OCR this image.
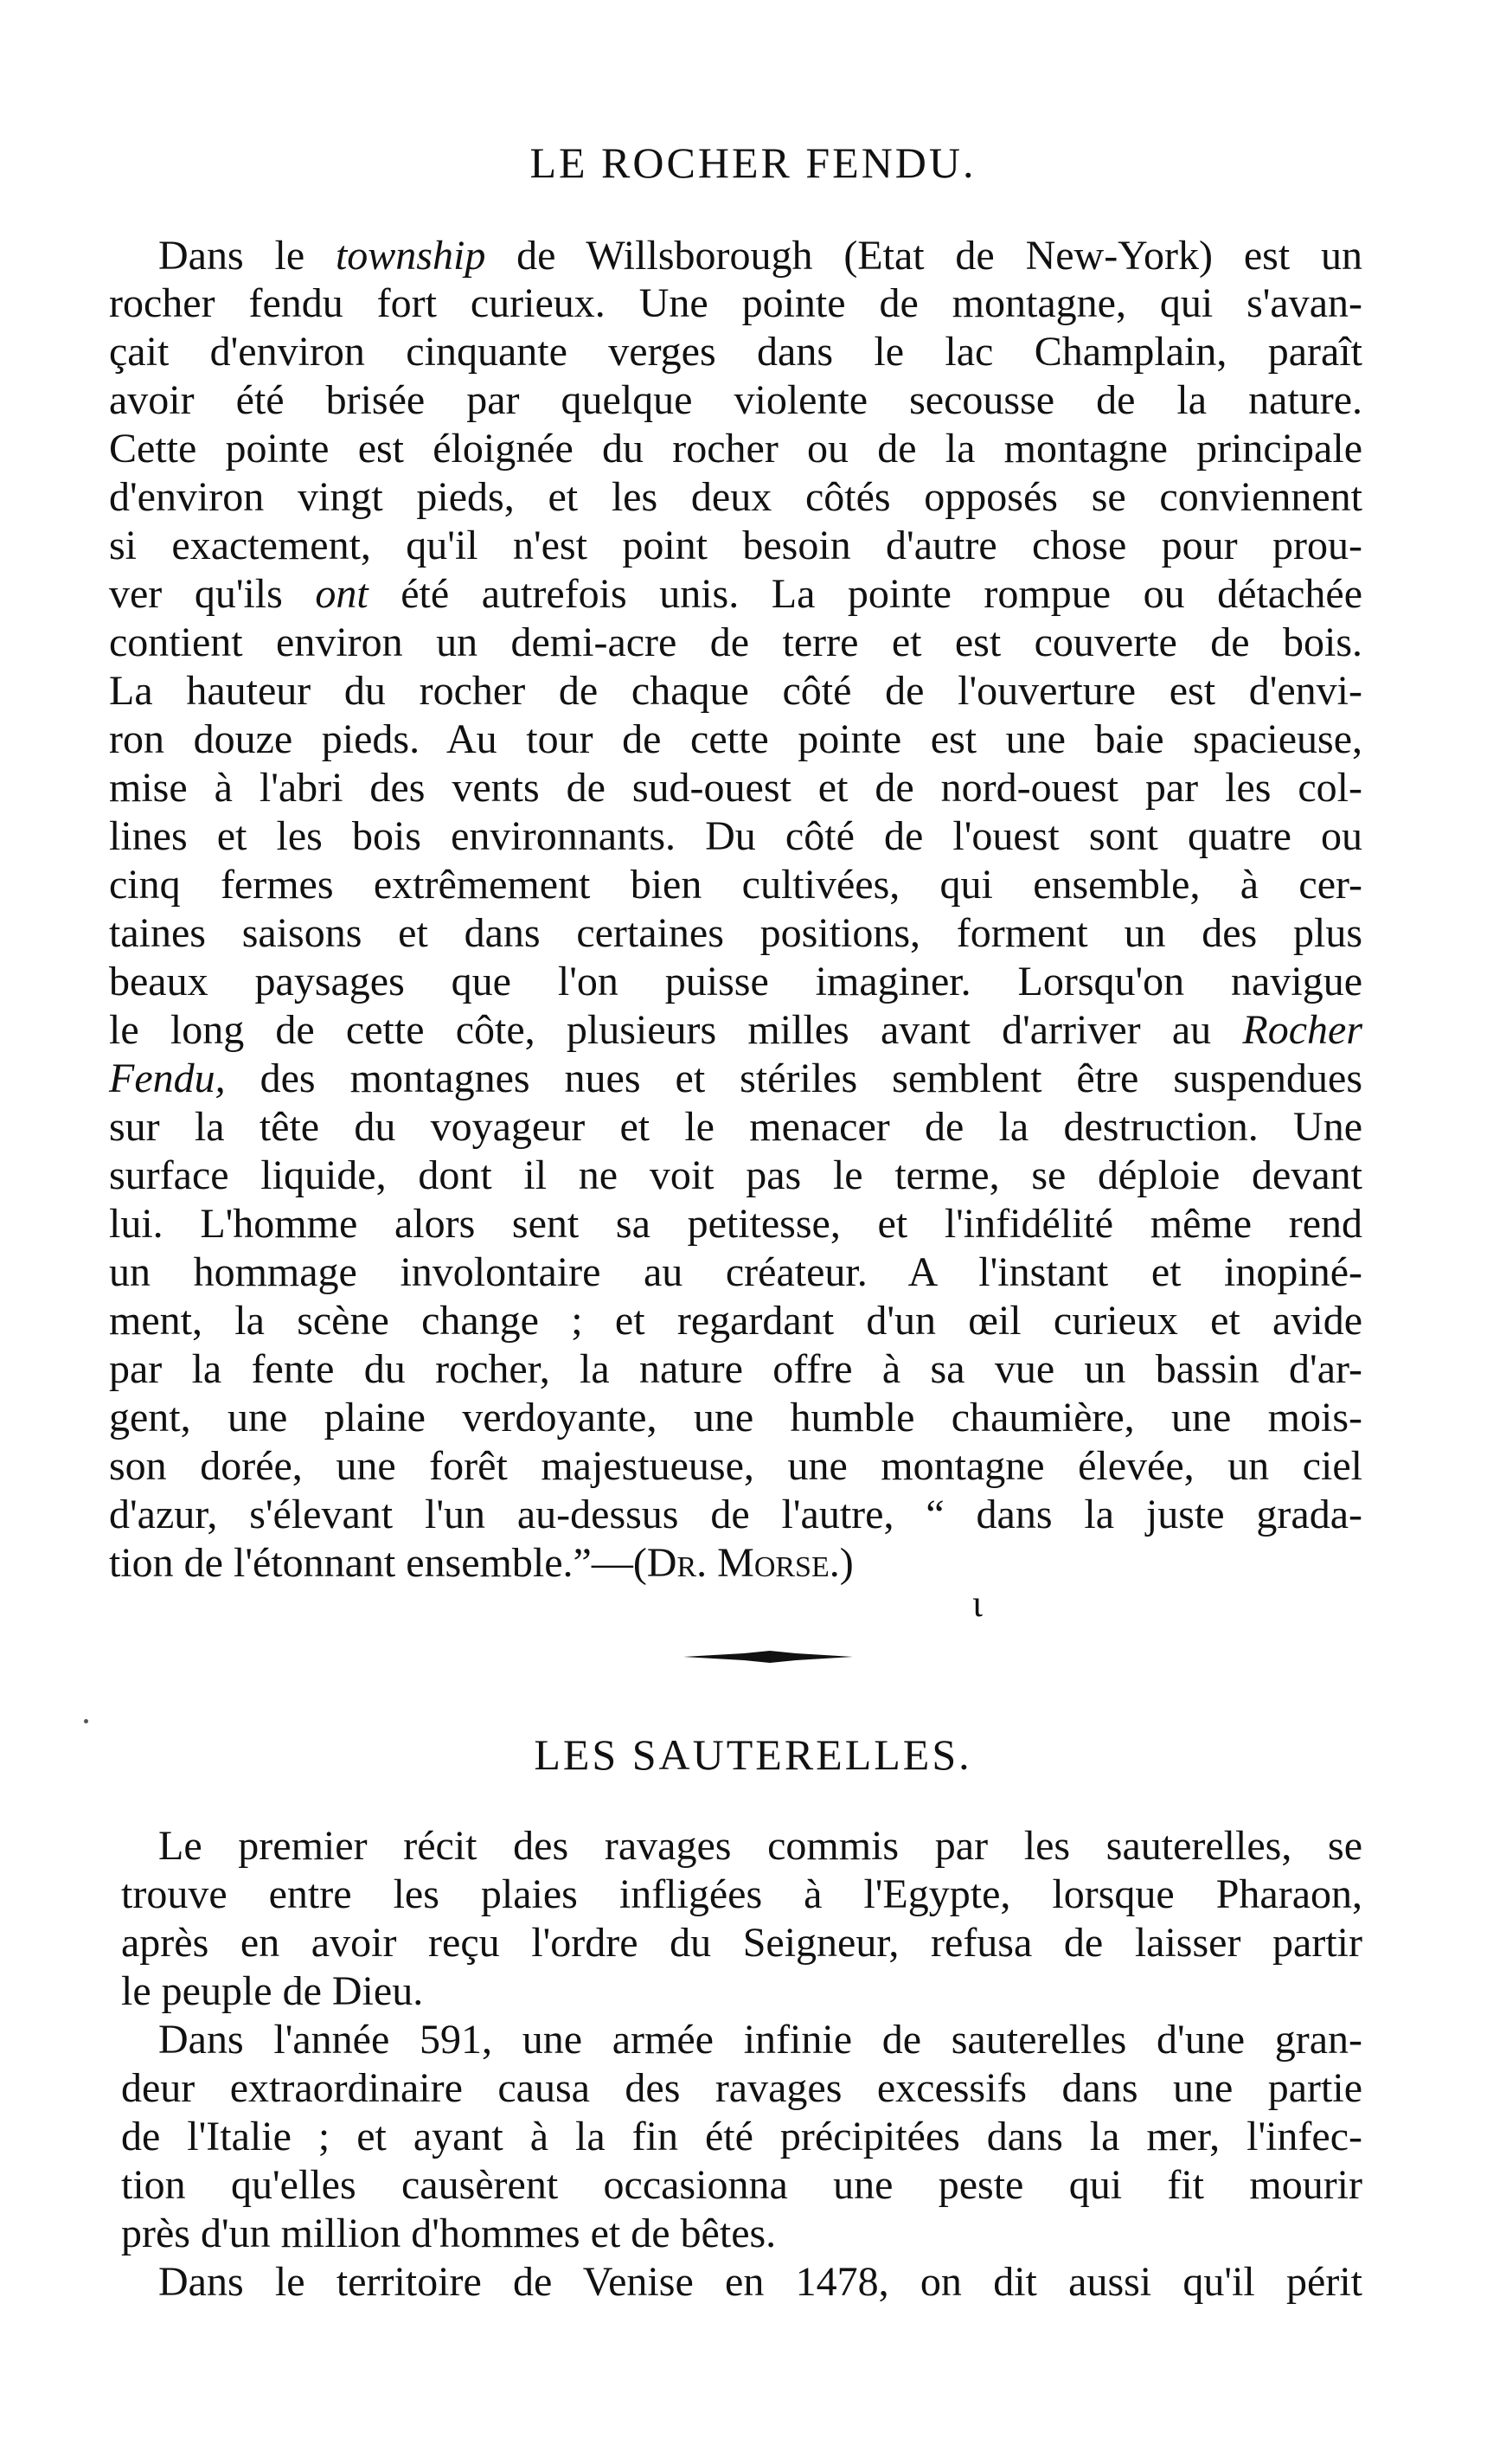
LE ROCHER FENDU.
Dans le township de Willsborough (Etat de New-York) est un
rocher fendu fort curieux. Une pointe de montagne, qui s'avan-
çait d'environ cinquante verges dans le lac Champlain, paraît
avoir été brisée par quelque violente secousse de la nature.
Cette pointe est éloignée du rocher ou de la montagne principale
d'environ vingt pieds, et les deux côtés opposés se conviennent
si exactement, qu'il n'est point besoin d'autre chose pour prou-
ver qu'ils ont été autrefois unis. La pointe rompue ou détachée
contient environ un demi-acre de terre et est couverte de bois.
La hauteur du rocher de chaque côté de l'ouverture est d'envi-
ron douze pieds. Au tour de cette pointe est une baie spacieuse,
mise à l'abri des vents de sud-ouest et de nord-ouest par les col-
lines et les bois environnants. Du côté de l'ouest sont quatre ou
cinq fermes extrêmement bien cultivées, qui ensemble, à cer-
taines saisons et dans certaines positions, forment un des plus
beaux paysages que l'on puisse imaginer. Lorsqu'on navigue
le long de cette côte, plusieurs milles avant d'arriver au Rocher
Fendu, des montagnes nues et stériles semblent être suspendues
sur la tête du voyageur et le menacer de la destruction. Une
surface liquide, dont il ne voit pas le terme, se déploie devant
lui. L'homme alors sent sa petitesse, et l'infidélité même rend
un hommage involontaire au créateur. A l'instant et inopiné-
ment, la scène change ; et regardant d'un œil curieux et avide
par la fente du rocher, la nature offre à sa vue un bassin d'ar-
gent, une plaine verdoyante, une humble chaumière, une mois-
son dorée, une forêt majestueuse, une montagne élevée, un ciel
d'azur, s'élevant l'un au-dessus de l'autre, “ dans la juste grada-
tion de l'étonnant ensemble.”—(Dr. Morse.)
ɩ
LES SAUTERELLES.
Le premier récit des ravages commis par les sauterelles, se
trouve entre les plaies infligées à l'Egypte, lorsque Pharaon,
après en avoir reçu l'ordre du Seigneur, refusa de laisser partir
le peuple de Dieu.
Dans l'année 591, une armée infinie de sauterelles d'une gran-
deur extraordinaire causa des ravages excessifs dans une partie
de l'Italie ; et ayant à la fin été précipitées dans la mer, l'infec-
tion qu'elles causèrent occasionna une peste qui fit mourir
près d'un million d'hommes et de bêtes.
Dans le territoire de Venise en 1478, on dit aussi qu'il périt
